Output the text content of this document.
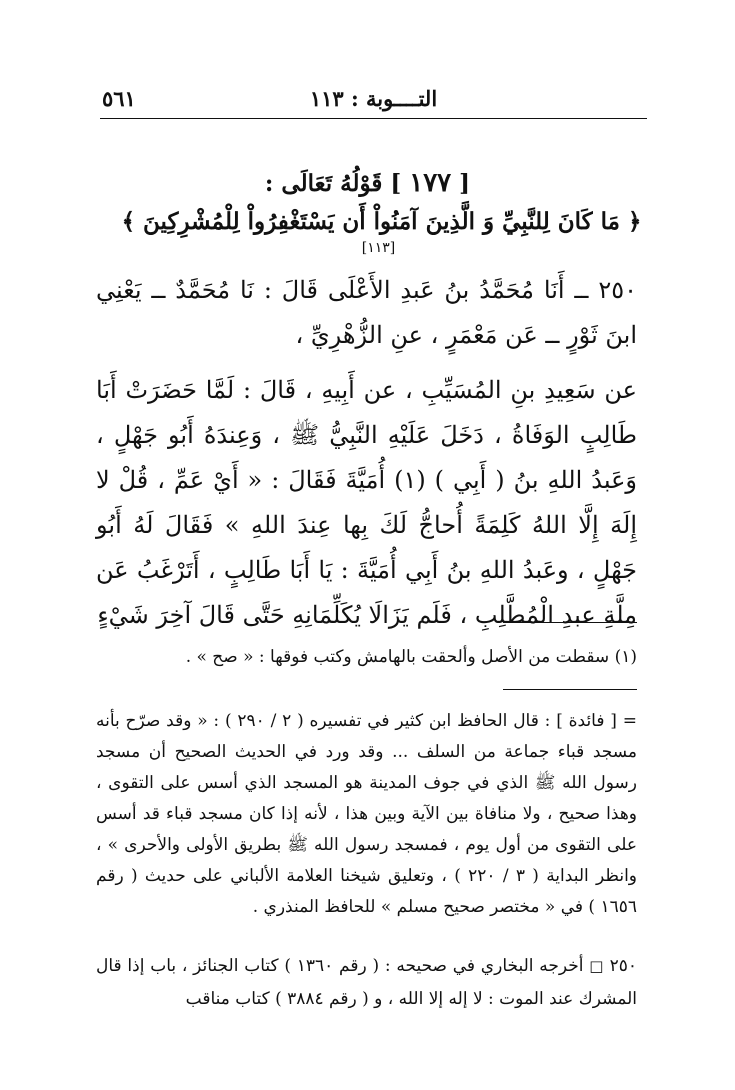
التــــوبة : ١١٣
٥٦١
[ ١٧٧ ] قَوْلُهُ تَعَالَى :
﴿ مَا كَانَ لِلنَّبِيِّ وَ الَّذِينَ آمَنُواْ أَن يَسْتَغْفِرُواْ لِلْمُشْرِكِينَ ﴾ [١١٣]
٢٥٠ ــ أَنَا مُحَمَّدُ بنُ عَبدِ الأَعْلَى قَالَ : نَا مُحَمَّدٌ ــ يَعْنِي ابنَ ثَوْرٍ ــ عَن مَعْمَرٍ ، عنِ الزُّهْرِيِّ ،
عن سَعِيدِ بنِ المُسَيِّبِ ، عن أَبِيهِ ، قَالَ : لَمَّا حَضَرَتْ أَبَا طَالِبٍ الوَفَاةُ ، دَخَلَ عَلَيْهِ النَّبِيُّ ﷺ ، وَعِندَهُ أَبُو جَهْلٍ ، وَعَبدُ اللهِ بنُ ( أَبِي ) (١) أُمَيَّةَ فَقَالَ : « أَيْ عَمِّ ، قُلْ لا إِلَهَ إِلَّا اللهُ كَلِمَةً أُحاجُّ لَكَ بِها عِندَ اللهِ » فَقَالَ لَهُ أَبُو جَهْلٍ ، وعَبدُ اللهِ بنُ أَبِي أُمَيَّةَ : يَا أَبَا طَالِبٍ ، أَتَرْغَبُ عَن مِلَّةِ عبدِ الْمُطَّلِبِ ، فَلَم يَزَالَا يُكَلِّمَانِهِ حَتَّى قَالَ آخِرَ شَيْءٍ
(١) سقطت من الأصل وألحقت بالهامش وكتب فوقها : « صح » .
= [ فائدة ] : قال الحافظ ابن كثير في تفسيره ( ٢ / ٢٩٠ ) : « وقد صرّح بأنه مسجد قباء جماعة من السلف ... وقد ورد في الحديث الصحيح أن مسجد رسول الله ﷺ الذي في جوف المدينة هو المسجد الذي أسس على التقوى ، وهذا صحيح ، ولا منافاة بين الآية وبين هذا ، لأنه إذا كان مسجد قباء قد أسس على التقوى من أول يوم ، فمسجد رسول الله ﷺ بطريق الأولى والأحرى » ، وانظر البداية ( ٣ / ٢٢٠ ) ، وتعليق شيخنا العلامة الألباني على حديث ( رقم ١٦٥٦ ) في « مختصر صحيح مسلم » للحافظ المنذري .
٢٥٠ □ أخرجه البخاري في صحيحه : ( رقم ١٣٦٠ ) كتاب الجنائز ، باب إذا قال المشرك عند الموت : لا إله إلا الله ، و ( رقم ٣٨٨٤ ) كتاب مناقب
